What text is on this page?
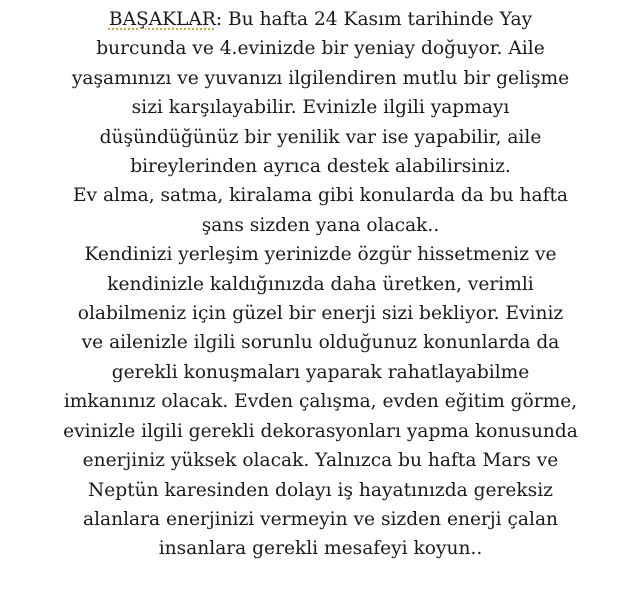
BAŞAKLAR: Bu hafta 24 Kasım tarihinde Yay
burcunda ve 4.evinizde bir yeniay doğuyor. Aile
yaşamınızı ve yuvanızı ilgilendiren mutlu bir gelişme
sizi karşılayabilir. Evinizle ilgili yapmayı
düşündüğünüz bir yenilik var ise yapabilir, aile
bireylerinden ayrıca destek alabilirsiniz.
Ev alma, satma, kiralama gibi konularda da bu hafta
şans sizden yana olacak..
Kendinizi yerleşim yerinizde özgür hissetmeniz ve
kendinizle kaldığınızda daha üretken, verimli
olabilmeniz için güzel bir enerji sizi bekliyor. Eviniz
ve ailenizle ilgili sorunlu olduğunuz konunlarda da
gerekli konuşmaları yaparak rahatlayabilme
imkanınız olacak. Evden çalışma, evden eğitim görme,
evinizle ilgili gerekli dekorasyonları yapma konusunda
enerjiniz yüksek olacak. Yalnızca bu hafta Mars ve
Neptün karesinden dolayı iş hayatınızda gereksiz
alanlara enerjinizi vermeyin ve sizden enerji çalan
insanlara gerekli mesafeyi koyun..
